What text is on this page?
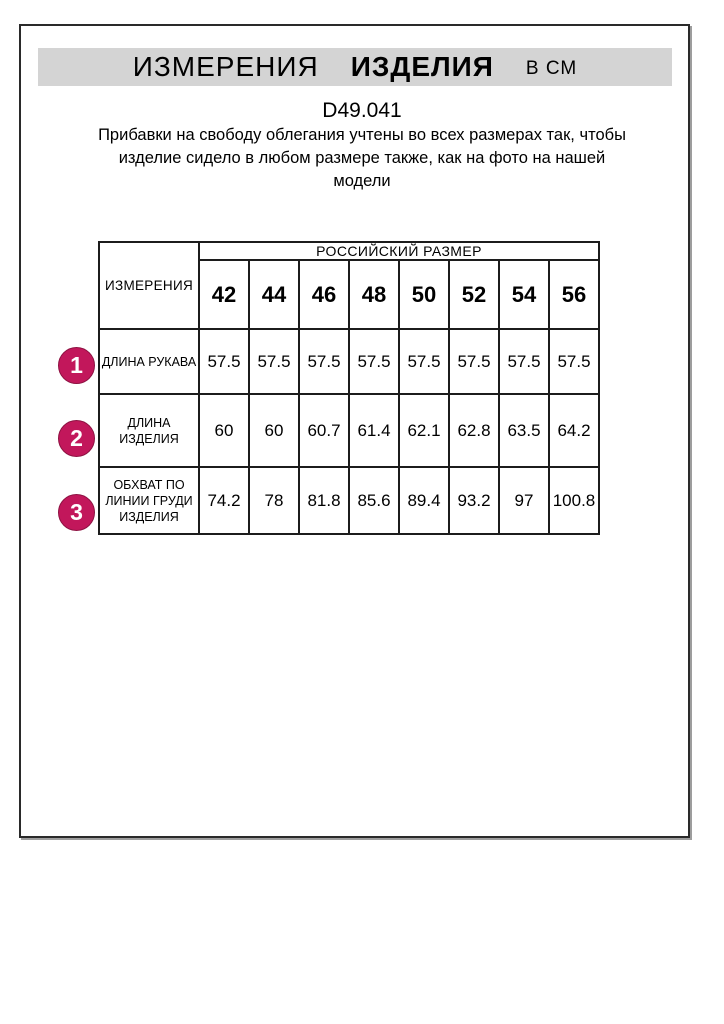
ИЗМЕРЕНИЯ ИЗДЕЛИЯ В СМ
D49.041
Прибавки на свободу облегания учтены во всех размерах так, чтобы изделие сидело в любом размере также, как на фото на нашей модели
ИЗМЕРЕНИЯ	РОССИЙСКИЙ РАЗМЕР							
	42	44	46	48	50	52	54	56
ДЛИНА РУКАВА	57.5	57.5	57.5	57.5	57.5	57.5	57.5	57.5
ДЛИНА ИЗДЕЛИЯ	60	60	60.7	61.4	62.1	62.8	63.5	64.2
ОБХВАТ ПО ЛИНИИ ГРУДИ ИЗДЕЛИЯ	74.2	78	81.8	85.6	89.4	93.2	97	100.8
1
2
3
